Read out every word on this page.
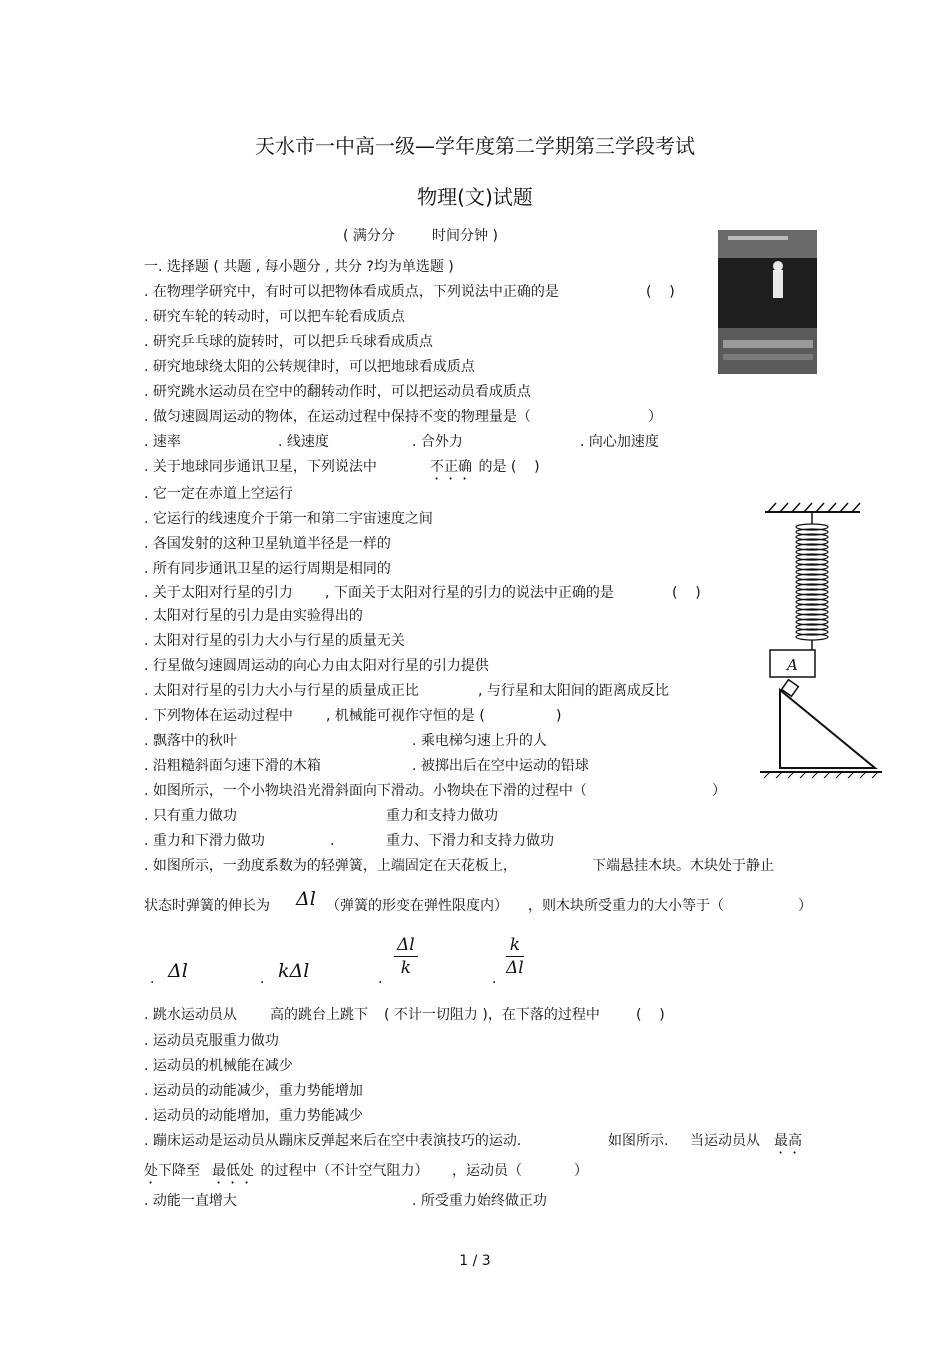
天水市一中高一级—学年度第二学期第三学段考试
物理(文)试题
( 满分分	时间分钟 )
A
一. 选择题 ( 共题 , 每小题分 , 共分 ?均为单选题 )
. 在物理学研究中，有时可以把物体看成质点，下列说法中正确的是	(    )
. 研究车轮的转动时，可以把车轮看成质点
. 研究乒乓球的旋转时，可以把乒乓球看成质点
. 研究地球绕太阳的公转规律时，可以把地球看成质点
. 研究跳水运动员在空中的翻转动作时，可以把运动员看成质点
. 做匀速圆周运动的物体，在运动过程中保持不变的物理量是（	）
. 速率	. 线速度	. 合外力	. 向心加速度
. 关于地球同步通讯卫星，下列说法中	不正确 的是 (    )
. 它一定在赤道上空运行
. 它运行的线速度介于第一和第二宇宙速度之间
. 各国发射的这种卫星轨道半径是一样的
. 所有同步通讯卫星的运行周期是相同的
. 关于太阳对行星的引力 , 下面关于太阳对行星的引力的说法中正确的是	(    )
. 太阳对行星的引力是由实验得出的
. 太阳对行星的引力大小与行星的质量无关
. 行星做匀速圆周运动的向心力由太阳对行星的引力提供
. 太阳对行星的引力大小与行星的质量成正比	, 与行星和太阳间的距离成反比
. 下列物体在运动过程中 , 机械能可视作守恒的是 (	)
. 飘落中的秋叶	. 乘电梯匀速上升的人
. 沿粗糙斜面匀速下滑的木箱	. 被掷出后在空中运动的铅球
. 如图所示，一个小物块沿光滑斜面向下滑动。小物块在下滑的过程中（	）
. 只有重力做功	重力和支持力做功
. 重力和下滑力做功	.	重力、下滑力和支持力做功
. 如图所示，一劲度系数为的轻弹簧，上端固定在天花板上，	下端悬挂木块。木块处于静止
状态时弹簧的伸长为 Δl （弹簧的形变在弹性限度内） ，则木块所受重力的大小等于（	）
. Δl	. kΔl	. $\frac{\Delta l}{k}$	. $\frac{k}{\Delta l}$
. 跳水运动员从 高的跳台上跳下 ( 不计一切阻力 )，在下落的过程中	(    )
. 运动员克服重力做功
. 运动员的机械能在减少
. 运动员的动能减少，重力势能增加
. 运动员的动能增加，重力势能减少
. 蹦床运动是运动员从蹦床反弹起来后在空中表演技巧的运动.	如图所示. 当运动员从 最高
处 下降至 最低处 的过程中（不计空气阻力） ，运动员（	）
. 动能一直增大	. 所受重力始终做正功
1 / 3
